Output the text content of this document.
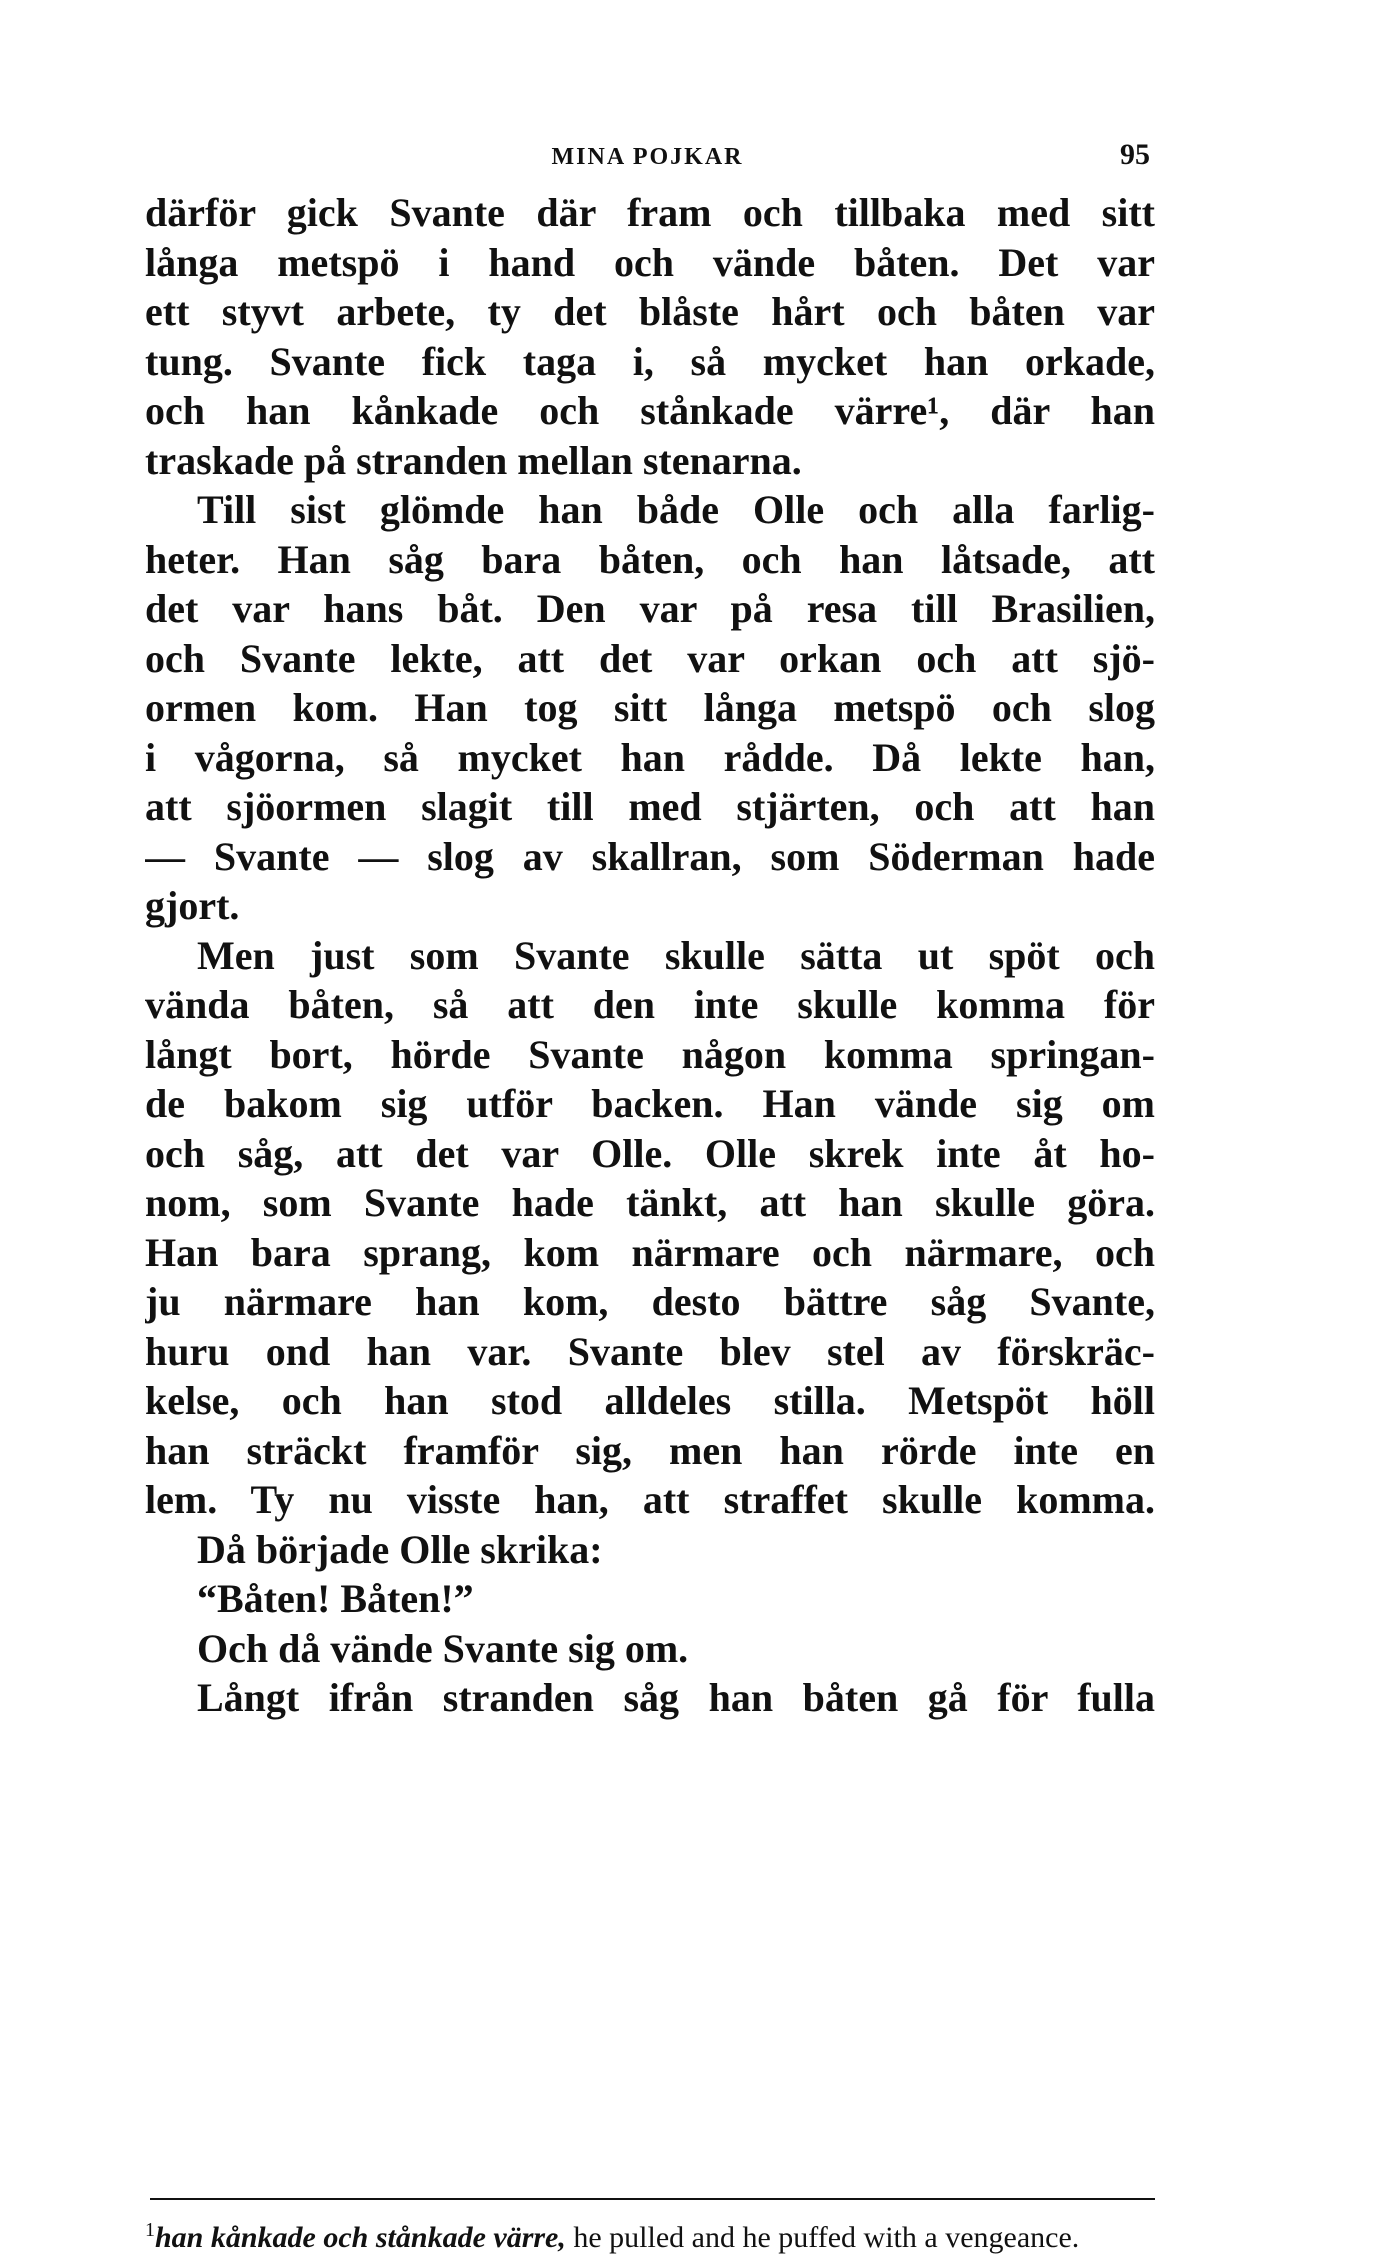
MINA POJKAR	95
därför gick Svante där fram och tillbaka med sitt
långa metspö i hand och vände båten. Det var
ett styvt arbete, ty det blåste hårt och båten var
tung. Svante fick taga i, så mycket han orkade,
och han kånkade och stånkade värre¹, där han
traskade på stranden mellan stenarna.
Till sist glömde han både Olle och alla farlig-
heter. Han såg bara båten, och han låtsade, att
det var hans båt. Den var på resa till Brasilien,
och Svante lekte, att det var orkan och att sjö-
ormen kom. Han tog sitt långa metspö och slog
i vågorna, så mycket han rådde. Då lekte han,
att sjöormen slagit till med stjärten, och att han
— Svante — slog av skallran, som Söderman hade
gjort.
Men just som Svante skulle sätta ut spöt och
vända båten, så att den inte skulle komma för
långt bort, hörde Svante någon komma springan-
de bakom sig utför backen. Han vände sig om
och såg, att det var Olle. Olle skrek inte åt ho-
nom, som Svante hade tänkt, att han skulle göra.
Han bara sprang, kom närmare och närmare, och
ju närmare han kom, desto bättre såg Svante,
huru ond han var. Svante blev stel av förskräc-
kelse, och han stod alldeles stilla. Metspöt höll
han sträckt framför sig, men han rörde inte en
lem. Ty nu visste han, att straffet skulle komma.
Då började Olle skrika:
“Båten! Båten!”
Och då vände Svante sig om.
Långt ifrån stranden såg han båten gå för fulla
$^1$han kånkade och stånkade värre, he pulled and he puffed with a vengeance.
